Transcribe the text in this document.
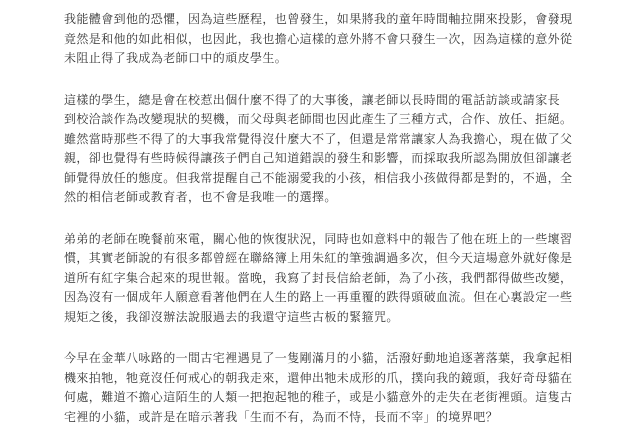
我能體會到他的恐懼，因為這些歷程，也曾發生，如果將我的童年時間軸拉開來投影，會發現
竟然是和他的如此相似，也因此，我也擔心這樣的意外將不會只發生一次，因為這樣的意外從
未阻止得了我成為老師口中的頑皮學生。
這樣的學生，總是會在校惹出個什麼不得了的大事後，讓老師以長時間的電話訪談或請家長
到校洽談作為改變現狀的契機，而父母與老師間也因此產生了三種方式，合作、放任、拒絕。
雖然當時那些不得了的大事我常覺得沒什麼大不了，但還是常常讓家人為我擔心，現在做了父
親，卻也覺得有些時候得讓孩子們自己知道錯誤的發生和影響，而採取我所認為開放但卻讓老
師覺得放任的態度。但我常提醒自己不能溺愛我的小孩，相信我小孩做得都是對的，不過，全
然的相信老師或教育者，也不會是我唯一的選擇。
弟弟的老師在晚餐前來電，關心他的恢復狀況，同時也如意料中的報告了他在班上的一些壞習
慣，其實老師說的有很多都曾經在聯絡簿上用朱紅的筆強調過多次，但今天這場意外就好像是
道所有紅字集合起來的現世報。當晚，我寫了封長信給老師，為了小孩，我們都得做些改變，
因為沒有一個成年人願意看著他們在人生的路上一再重覆的跌得頭破血流。但在心裏設定一些
規矩之後，我卻沒辦法說服過去的我還守這些古板的緊箍咒。
今早在金華八咏路的一間古宅裡遇見了一隻剛滿月的小貓，活潑好動地追逐著落葉，我拿起相
機來拍牠，牠竟沒任何戒心的朝我走來，還伸出牠未成形的爪，撲向我的鏡頭，我好奇母貓在
何處，難道不擔心這陌生的人類一把抱起牠的稚子，或是小貓意外的走失在老街裡頭。這隻古
宅裡的小貓，或許是在暗示著我「生而不有，為而不恃，長而不宰」的境界吧？
